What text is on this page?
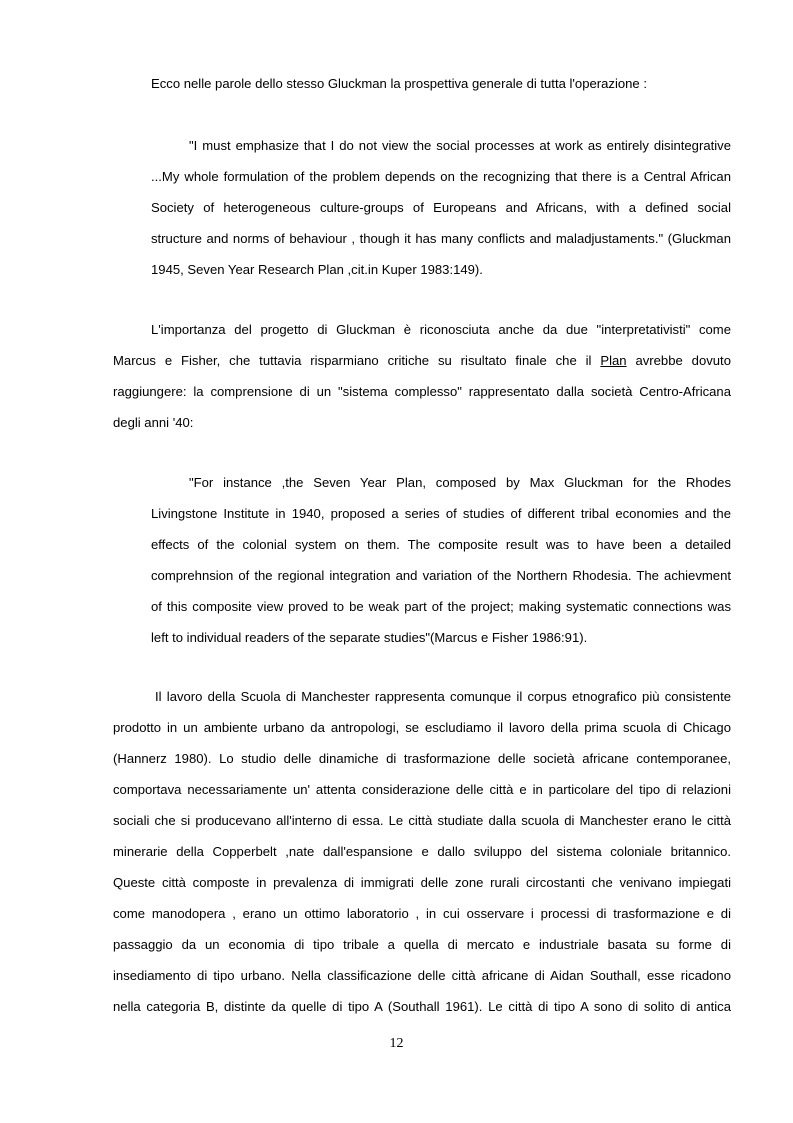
Ecco nelle parole dello stesso Gluckman la prospettiva generale di tutta l'operazione :

"I must emphasize that I do not view the social processes at work as entirely disintegrative
...My whole formulation of the problem depends on the recognizing that there is a Central African
Society of heterogeneous culture-groups of Europeans and Africans, with a defined social
structure and norms of behaviour , though it has many conflicts and maladjustaments." (Gluckman
1945, Seven Year Research Plan ,cit.in Kuper 1983:149).
L'importanza del progetto di Gluckman è riconosciuta anche da due "interpretativisti" come
Marcus e Fisher, che tuttavia risparmiano critiche su risultato finale che il Plan avrebbe dovuto
raggiungere: la comprensione di un "sistema complesso" rappresentato dalla società Centro-Africana
degli anni '40:
"For instance ,the Seven Year Plan, composed by Max Gluckman for the Rhodes
Livingstone Institute in 1940, proposed a series of studies of different tribal economies and the
effects of the colonial system on them. The composite result was to have been a detailed
comprehnsion of the regional integration and variation of the Northern Rhodesia. The achievment
of this composite view proved to be weak part of the project; making systematic connections was
left to individual readers of the separate studies"(Marcus e Fisher 1986:91).
Il lavoro della Scuola di Manchester rappresenta comunque il corpus etnografico più consistente
prodotto in un ambiente urbano da antropologi, se escludiamo il lavoro della prima scuola di Chicago
(Hannerz 1980). Lo studio delle dinamiche di trasformazione delle società africane contemporanee,
comportava necessariamente un' attenta considerazione delle città e in particolare del tipo di relazioni
sociali che si producevano all'interno di essa. Le città studiate dalla scuola di Manchester erano le città
minerarie della Copperbelt ,nate dall'espansione e dallo sviluppo del sistema coloniale britannico.
Queste città composte in prevalenza di immigrati delle zone rurali circostanti che venivano impiegati
come manodopera , erano un ottimo laboratorio , in cui osservare i processi di trasformazione e di
passaggio da un economia di tipo tribale a quella di mercato e industriale basata su forme di
insediamento di tipo urbano. Nella classificazione delle città africane di Aidan Southall, esse ricadono
nella categoria B, distinte da quelle di tipo A (Southall 1961). Le città di tipo A sono di solito di antica
12
